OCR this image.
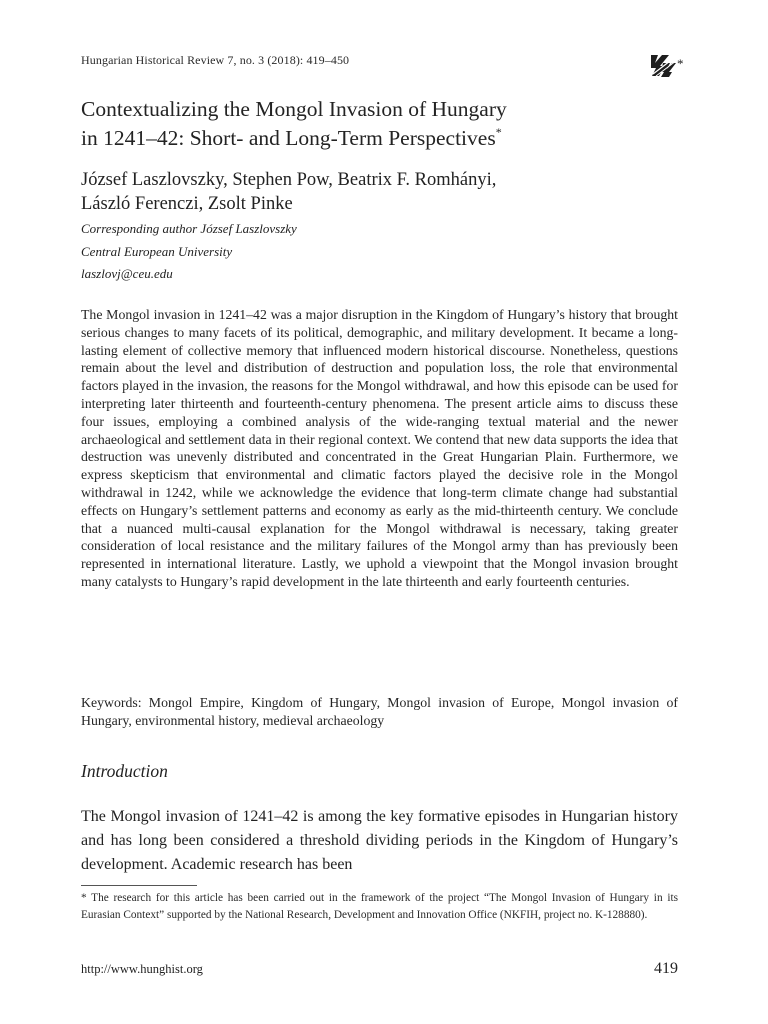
Hungarian Historical Review 7, no. 3 (2018): 419–450	*
Contextualizing the Mongol Invasion of Hungary
in 1241–42: Short- and Long-Term Perspectives*
József Laszlovszky, Stephen Pow, Beatrix F. Romhányi,
László Ferenczi, Zsolt Pinke
Corresponding author József Laszlovszky
Central European University
laszlovj@ceu.edu
The Mongol invasion in 1241–42 was a major disruption in the Kingdom of Hungary’s history that brought serious changes to many facets of its political, demographic, and military development. It became a long-lasting element of collective memory that influenced modern historical discourse. Nonetheless, questions remain about the level and distribution of destruction and population loss, the role that environmental factors played in the invasion, the reasons for the Mongol withdrawal, and how this episode can be used for interpreting later thirteenth and fourteenth-century phenomena. The present article aims to discuss these four issues, employing a combined analysis of the wide-ranging textual material and the newer archaeological and settlement data in their regional context. We contend that new data supports the idea that destruction was unevenly distributed and concentrated in the Great Hungarian Plain. Furthermore, we express skepticism that environmental and climatic factors played the decisive role in the Mongol withdrawal in 1242, while we acknowledge the evidence that long-term climate change had substantial effects on Hungary’s settlement patterns and economy as early as the mid-thirteenth century. We conclude that a nuanced multi-causal explanation for the Mongol withdrawal is necessary, taking greater consideration of local resistance and the military failures of the Mongol army than has previously been represented in international literature. Lastly, we uphold a viewpoint that the Mongol invasion brought many catalysts to Hungary’s rapid development in the late thirteenth and early fourteenth centuries.
Keywords: Mongol Empire, Kingdom of Hungary, Mongol invasion of Europe, Mongol invasion of Hungary, environmental history, medieval archaeology
Introduction
The Mongol invasion of 1241–42 is among the key formative episodes in Hungarian history and has long been considered a threshold dividing periods in the Kingdom of Hungary’s development. Academic research has been
* The research for this article has been carried out in the framework of the project “The Mongol Invasion of Hungary in its Eurasian Context” supported by the National Research, Development and Innovation Office (NKFIH, project no. K-128880).
http://www.hunghist.org	419
